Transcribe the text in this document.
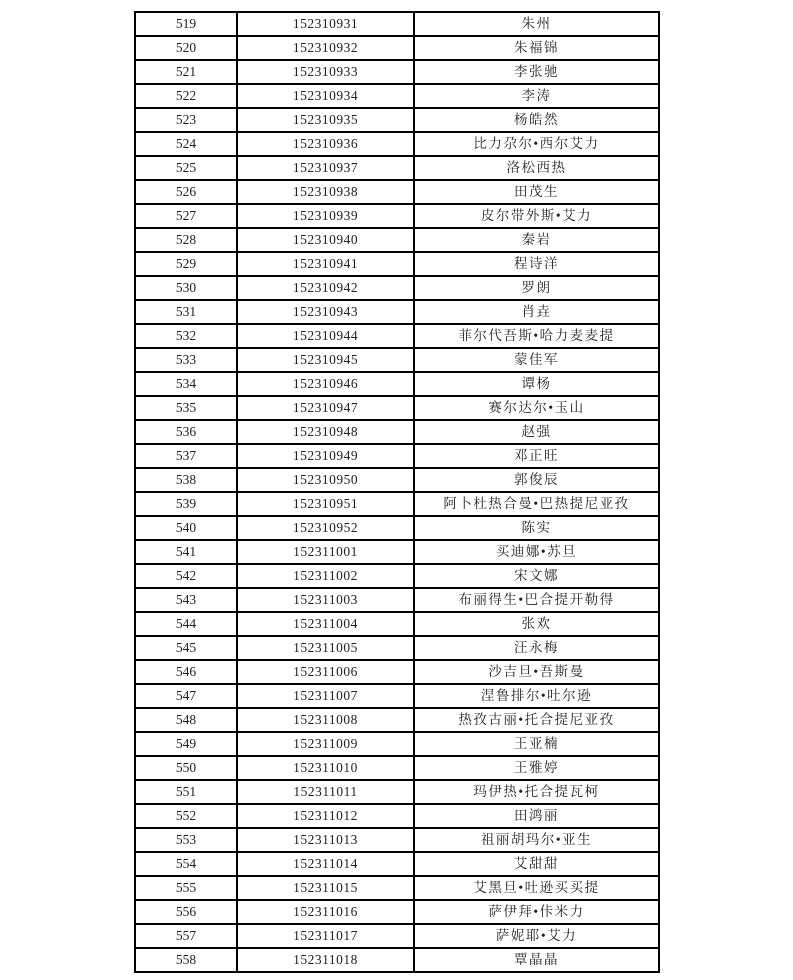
519	152310931	朱州
520	152310932	朱福锦
521	152310933	李张驰
522	152310934	李涛
523	152310935	杨皓然
524	152310936	比力尕尔•西尔艾力
525	152310937	洛松西热
526	152310938	田茂生
527	152310939	皮尔带外斯•艾力
528	152310940	秦岩
529	152310941	程诗洋
530	152310942	罗朗
531	152310943	肖垚
532	152310944	菲尔代吾斯•哈力麦麦提
533	152310945	蒙佳军
534	152310946	谭杨
535	152310947	赛尔达尔•玉山
536	152310948	赵强
537	152310949	邓正旺
538	152310950	郭俊辰
539	152310951	阿卜杜热合曼•巴热提尼亚孜
540	152310952	陈实
541	152311001	买迪娜•苏旦
542	152311002	宋文娜
543	152311003	布丽得生•巴合提开勒得
544	152311004	张欢
545	152311005	汪永梅
546	152311006	沙吉旦•吾斯曼
547	152311007	涅鲁排尔•吐尔逊
548	152311008	热孜古丽•托合提尼亚孜
549	152311009	王亚楠
550	152311010	王雅婷
551	152311011	玛伊热•托合提瓦柯
552	152311012	田鸿丽
553	152311013	祖丽胡玛尔•亚生
554	152311014	艾甜甜
555	152311015	艾黑旦•吐逊买买提
556	152311016	萨伊拜•佧米力
557	152311017	萨妮耶•艾力
558	152311018	覃晶晶
